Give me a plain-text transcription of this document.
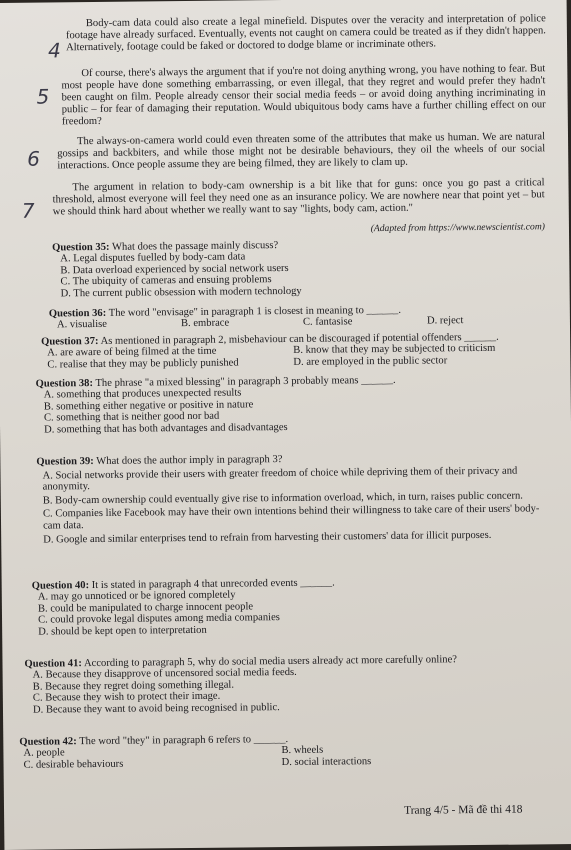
4
5
6
7

Body-cam data could also create a legal minefield. Disputes over the veracity and interpretation of police footage have already surfaced. Eventually, events not caught on camera could be treated as if they didn't happen. Alternatively, footage could be faked or doctored to dodge blame or incriminate others.

Of course, there's always the argument that if you're not doing anything wrong, you have nothing to fear. But most people have done something embarrassing, or even illegal, that they regret and would prefer they hadn't been caught on film. People already censor their social media feeds – or avoid doing anything incriminating in public – for fear of damaging their reputation. Would ubiquitous body cams have a further chilling effect on our freedom?

The always-on-camera world could even threaten some of the attributes that make us human. We are natural gossips and backbiters, and while those might not be desirable behaviours, they oil the wheels of our social interactions. Once people assume they are being filmed, they are likely to clam up.

The argument in relation to body-cam ownership is a bit like that for guns: once you go past a critical threshold, almost everyone will feel they need one as an insurance policy. We are nowhere near that point yet – but we should think hard about whether we really want to say "lights, body cam, action."

(Adapted from https://www.newscientist.com)
Question 35: What does the passage mainly discuss?
A. Legal disputes fuelled by body-cam data
B. Data overload experienced by social network users
C. The ubiquity of cameras and ensuing problems
D. The current public obsession with modern technology
Question 36: The word "envisage" in paragraph 1 is closest in meaning to ______.
A. visualise	B. embrace	C. fantasise	D. reject
Question 37: As mentioned in paragraph 2, misbehaviour can be discouraged if potential offenders ______.
A. are aware of being filmed at the time	B. know that they may be subjected to criticism
C. realise that they may be publicly punished	D. are employed in the public sector
Question 38: The phrase "a mixed blessing" in paragraph 3 probably means ______.
A. something that produces unexpected results
B. something either negative or positive in nature
C. something that is neither good nor bad
D. something that has both advantages and disadvantages
Question 39: What does the author imply in paragraph 3?
A. Social networks provide their users with greater freedom of choice while depriving them of their privacy and anonymity.
B. Body-cam ownership could eventually give rise to information overload, which, in turn, raises public concern.
C. Companies like Facebook may have their own intentions behind their willingness to take care of their users' body-cam data.
D. Google and similar enterprises tend to refrain from harvesting their customers' data for illicit purposes.
Question 40: It is stated in paragraph 4 that unrecorded events ______.
A. may go unnoticed or be ignored completely
B. could be manipulated to charge innocent people
C. could provoke legal disputes among media companies
D. should be kept open to interpretation
Question 41: According to paragraph 5, why do social media users already act more carefully online?
A. Because they disapprove of uncensored social media feeds.
B. Because they regret doing something illegal.
C. Because they wish to protect their image.
D. Because they want to avoid being recognised in public.
Question 42: The word "they" in paragraph 6 refers to ______.
A. people	B. wheels
C. desirable behaviours	D. social interactions
Trang 4/5 - Mã đề thi 418
